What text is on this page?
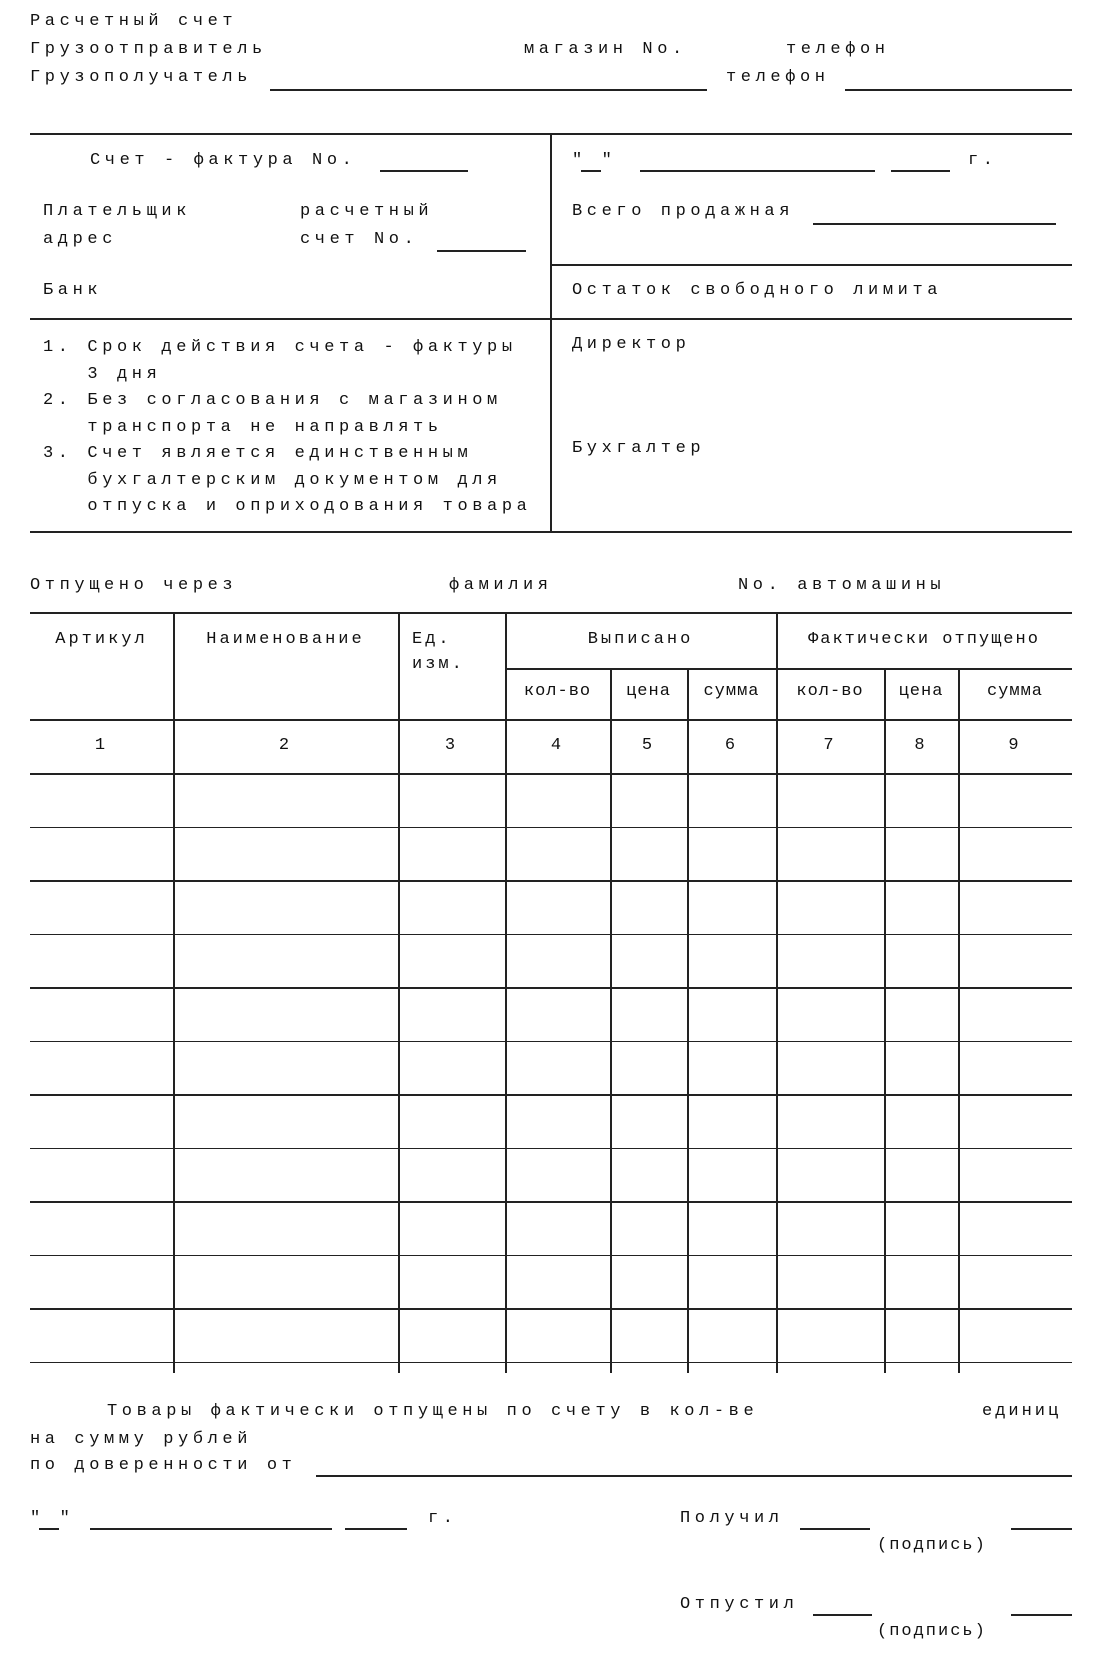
Расчетный счет
Грузоотправитель	магазин No.	телефон
Грузополучатель	телефон
Счет - фактура No.	" "	г.
Плательщик	расчетный
адрес	счет No.
Всего продажная
Банк	Остаток свободного лимита
1. Срок действия счета - фактуры
3 дня
2. Без согласования с магазином
транспорта не направлять
3. Счет является единственным
бухгалтерским документом для
отпуска и оприходования товара
Директор
Бухгалтер
Отпущено через	фамилия	No. автомашины
Артикул	Наименование	Ед.
изм.
Выписано	Фактически отпущено
кол-во	цена	сумма	кол-во	цена	сумма
1	2	3	4	5	6	7	8	9
Товары фактически отпущены по счету в кол-ве	единиц
на сумму рублей
по доверенности от
" "	г.	Получил
(подпись)
Отпустил
(подпись)
